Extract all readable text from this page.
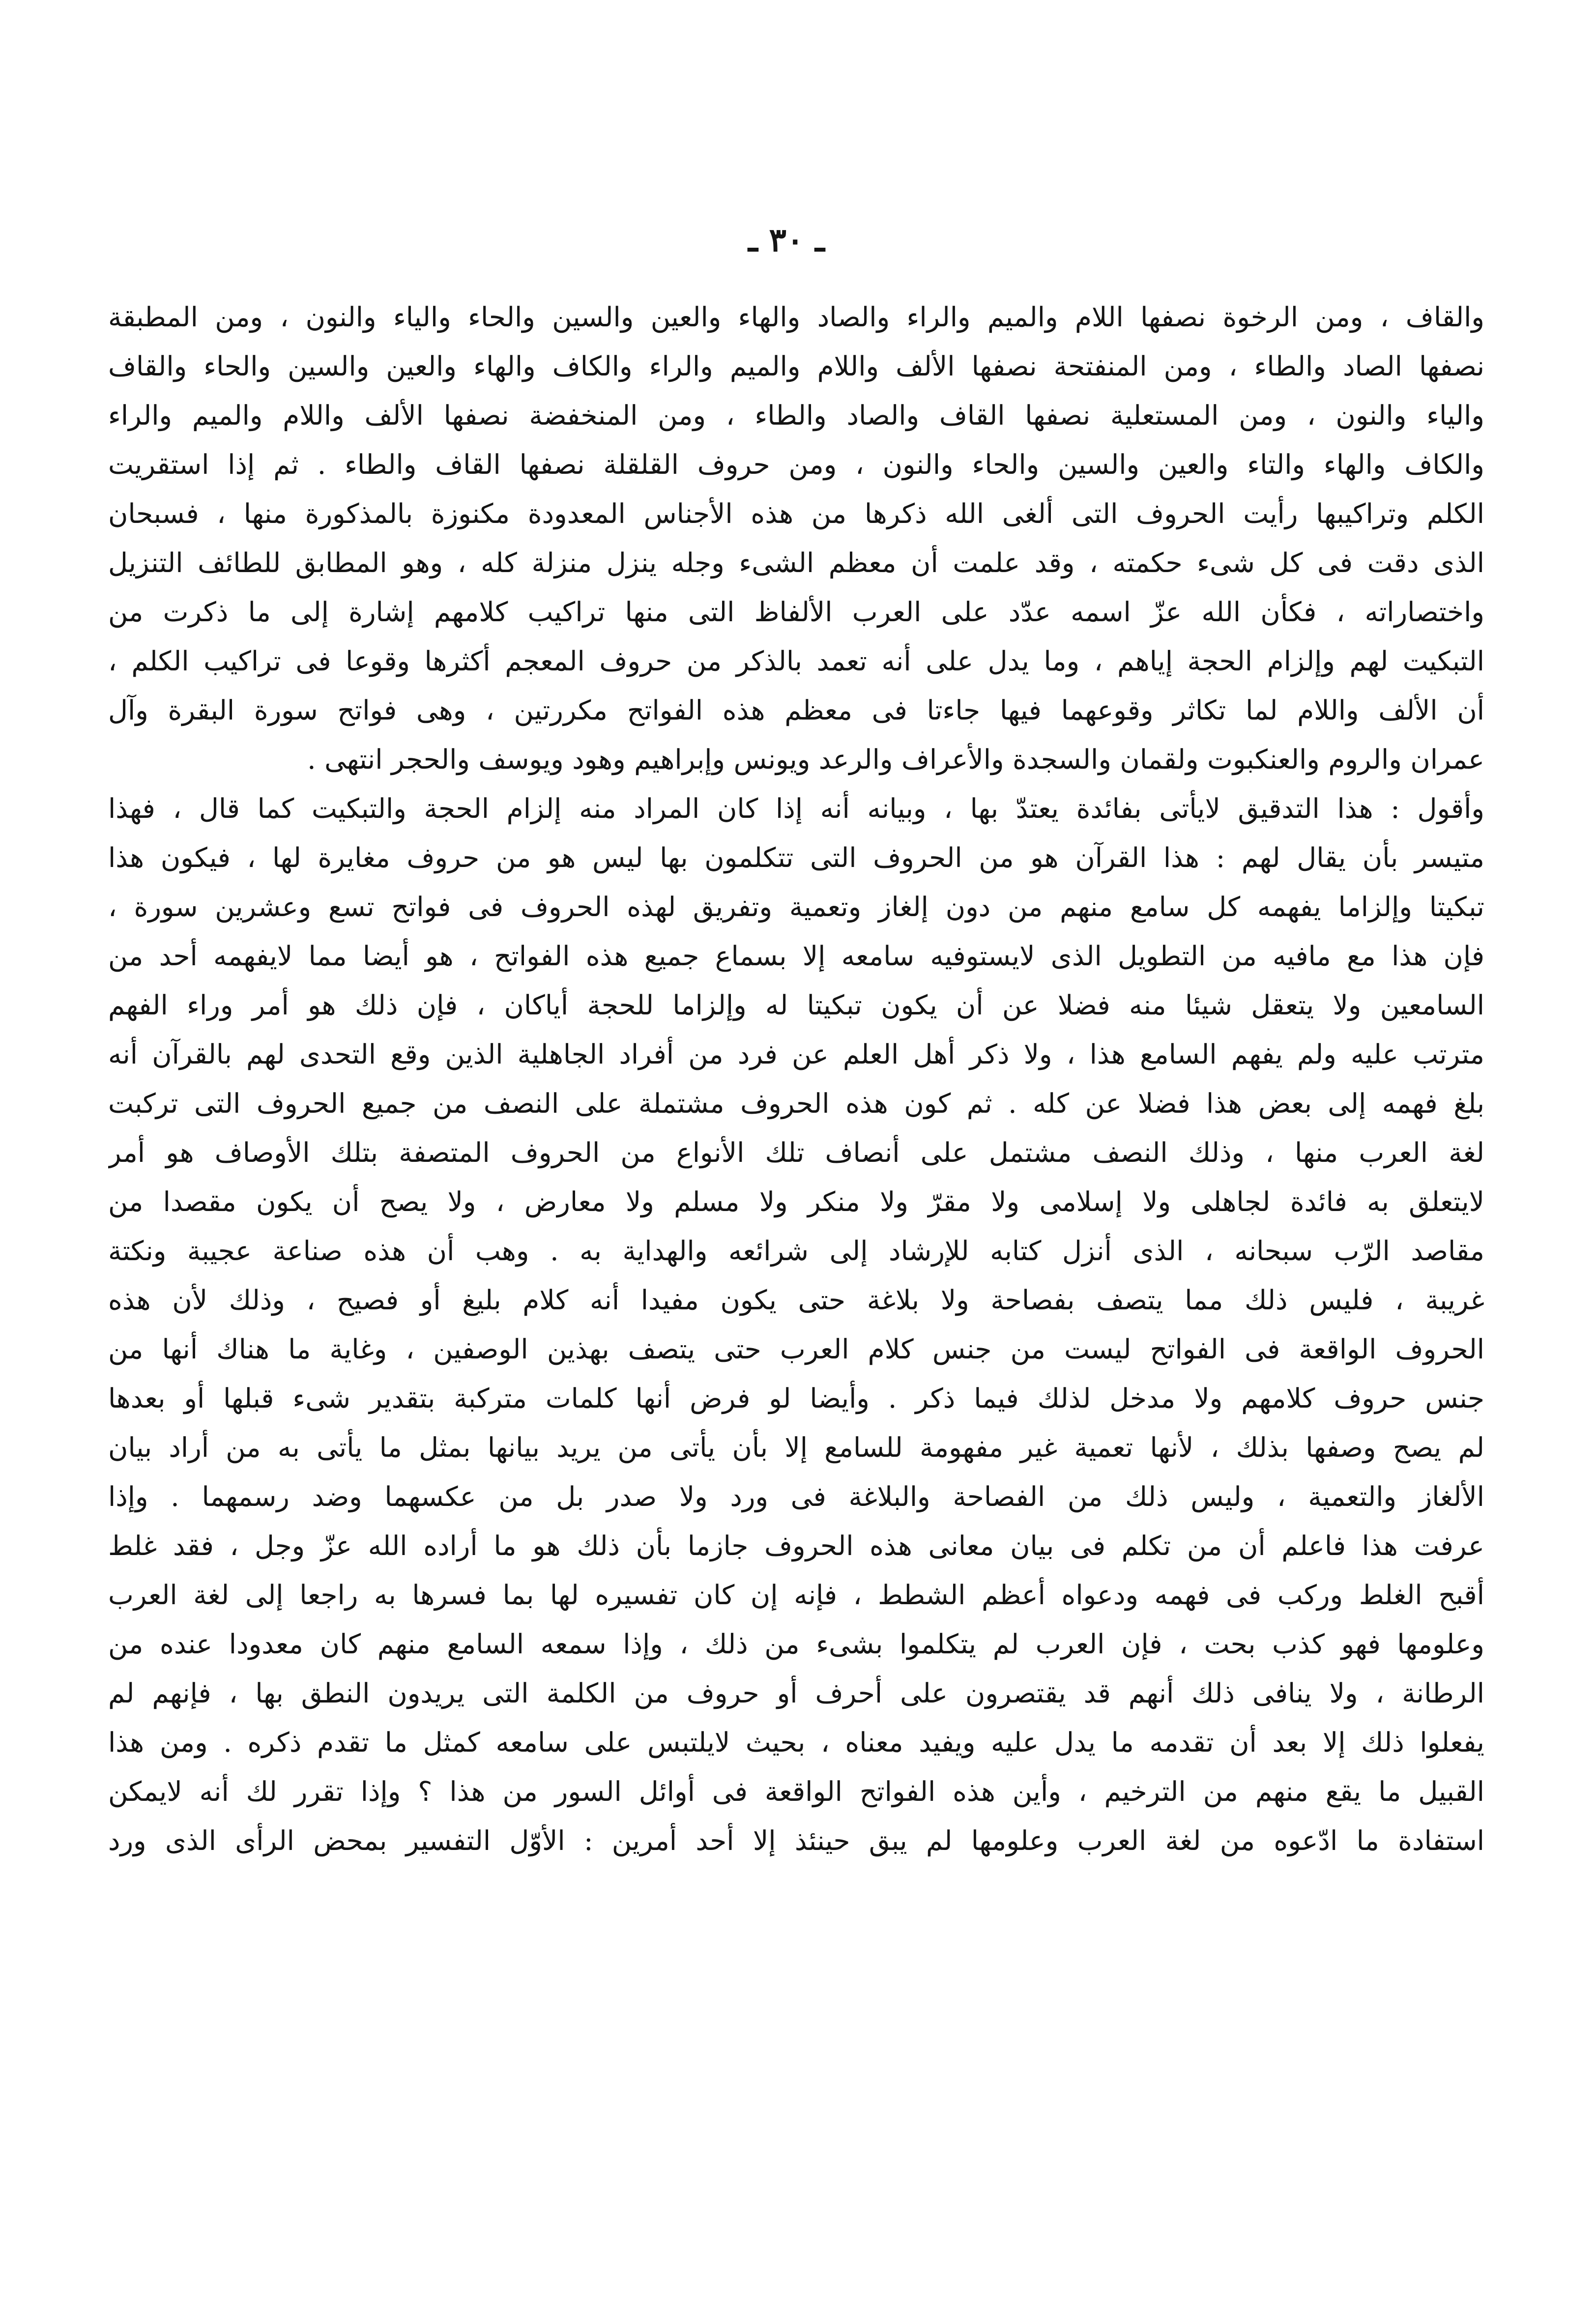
ـ ٣٠ ـ
والقاف ، ومن الرخوة نصفها اللام والميم والراء والصاد والهاء والعين والسين والحاء والياء والنون ، ومن المطبقة
نصفها الصاد والطاء ، ومن المنفتحة نصفها الألف واللام والميم والراء والكاف والهاء والعين والسين والحاء والقاف
والياء والنون ، ومن المستعلية نصفها القاف والصاد والطاء ، ومن المنخفضة نصفها الألف واللام والميم والراء
والكاف والهاء والتاء والعين والسين والحاء والنون ، ومن حروف القلقلة نصفها القاف والطاء . ثم إذا استقريت
الكلم وتراكيبها رأيت الحروف التى ألغى الله ذكرها من هذه الأجناس المعدودة مكنوزة بالمذكورة منها ، فسبحان
الذى دقت فى كل شىء حكمته ، وقد علمت أن معظم الشىء وجله ينزل منزلة كله ، وهو المطابق للطائف التنزيل
واختصاراته ، فكأن الله عزّ اسمه عدّد على العرب الألفاظ التى منها تراكيب كلامهم إشارة إلى ما ذكرت من
التبكيت لهم وإلزام الحجة إياهم ، وما يدل على أنه تعمد بالذكر من حروف المعجم أكثرها وقوعا فى تراكيب الكلم ،
أن الألف واللام لما تكاثر وقوعهما فيها جاءتا فى معظم هذه الفواتح مكررتين ، وهى فواتح سورة البقرة وآل
عمران والروم والعنكبوت ولقمان والسجدة والأعراف والرعد ويونس وإبراهيم وهود ويوسف والحجر انتهى .
وأقول : هذا التدقيق لايأتى بفائدة يعتدّ بها ، وبيانه أنه إذا كان المراد منه إلزام الحجة والتبكيت كما قال ، فهذا
متيسر بأن يقال لهم : هذا القرآن هو من الحروف التى تتكلمون بها ليس هو من حروف مغايرة لها ، فيكون هذا
تبكيتا وإلزاما يفهمه كل سامع منهم من دون إلغاز وتعمية وتفريق لهذه الحروف فى فواتح تسع وعشرين سورة ،
فإن هذا مع مافيه من التطويل الذى لايستوفيه سامعه إلا بسماع جميع هذه الفواتح ، هو أيضا مما لايفهمه أحد من
السامعين ولا يتعقل شيئا منه فضلا عن أن يكون تبكيتا له وإلزاما للحجة أياكان ، فإن ذلك هو أمر وراء الفهم
مترتب عليه ولم يفهم السامع هذا ، ولا ذكر أهل العلم عن فرد من أفراد الجاهلية الذين وقع التحدى لهم بالقرآن أنه
بلغ فهمه إلى بعض هذا فضلا عن كله . ثم كون هذه الحروف مشتملة على النصف من جميع الحروف التى تركبت
لغة العرب منها ، وذلك النصف مشتمل على أنصاف تلك الأنواع من الحروف المتصفة بتلك الأوصاف هو أمر
لايتعلق به فائدة لجاهلى ولا إسلامى ولا مقرّ ولا منكر ولا مسلم ولا معارض ، ولا يصح أن يكون مقصدا من
مقاصد الرّب سبحانه ، الذى أنزل كتابه للإرشاد إلى شرائعه والهداية به . وهب أن هذه صناعة عجيبة ونكتة
غريبة ، فليس ذلك مما يتصف بفصاحة ولا بلاغة حتى يكون مفيدا أنه كلام بليغ أو فصيح ، وذلك لأن هذه
الحروف الواقعة فى الفواتح ليست من جنس كلام العرب حتى يتصف بهذين الوصفين ، وغاية ما هناك أنها من
جنس حروف كلامهم ولا مدخل لذلك فيما ذكر . وأيضا لو فرض أنها كلمات متركبة بتقدير شىء قبلها أو بعدها
لم يصح وصفها بذلك ، لأنها تعمية غير مفهومة للسامع إلا بأن يأتى من يريد بيانها بمثل ما يأتى به من أراد بيان
الألغاز والتعمية ، وليس ذلك من الفصاحة والبلاغة فى ورد ولا صدر بل من عكسهما وضد رسمهما . وإذا
عرفت هذا فاعلم أن من تكلم فى بيان معانى هذه الحروف جازما بأن ذلك هو ما أراده الله عزّ وجل ، فقد غلط
أقبح الغلط وركب فى فهمه ودعواه أعظم الشطط ، فإنه إن كان تفسيره لها بما فسرها به راجعا إلى لغة العرب
وعلومها فهو كذب بحت ، فإن العرب لم يتكلموا بشىء من ذلك ، وإذا سمعه السامع منهم كان معدودا عنده من
الرطانة ، ولا ينافى ذلك أنهم قد يقتصرون على أحرف أو حروف من الكلمة التى يريدون النطق بها ، فإنهم لم
يفعلوا ذلك إلا بعد أن تقدمه ما يدل عليه ويفيد معناه ، بحيث لايلتبس على سامعه كمثل ما تقدم ذكره . ومن هذا
القبيل ما يقع منهم من الترخيم ، وأين هذه الفواتح الواقعة فى أوائل السور من هذا ؟ وإذا تقرر لك أنه لايمكن
استفادة ما ادّعوه من لغة العرب وعلومها لم يبق حينئذ إلا أحد أمرين : الأوّل التفسير بمحض الرأى الذى ورد
